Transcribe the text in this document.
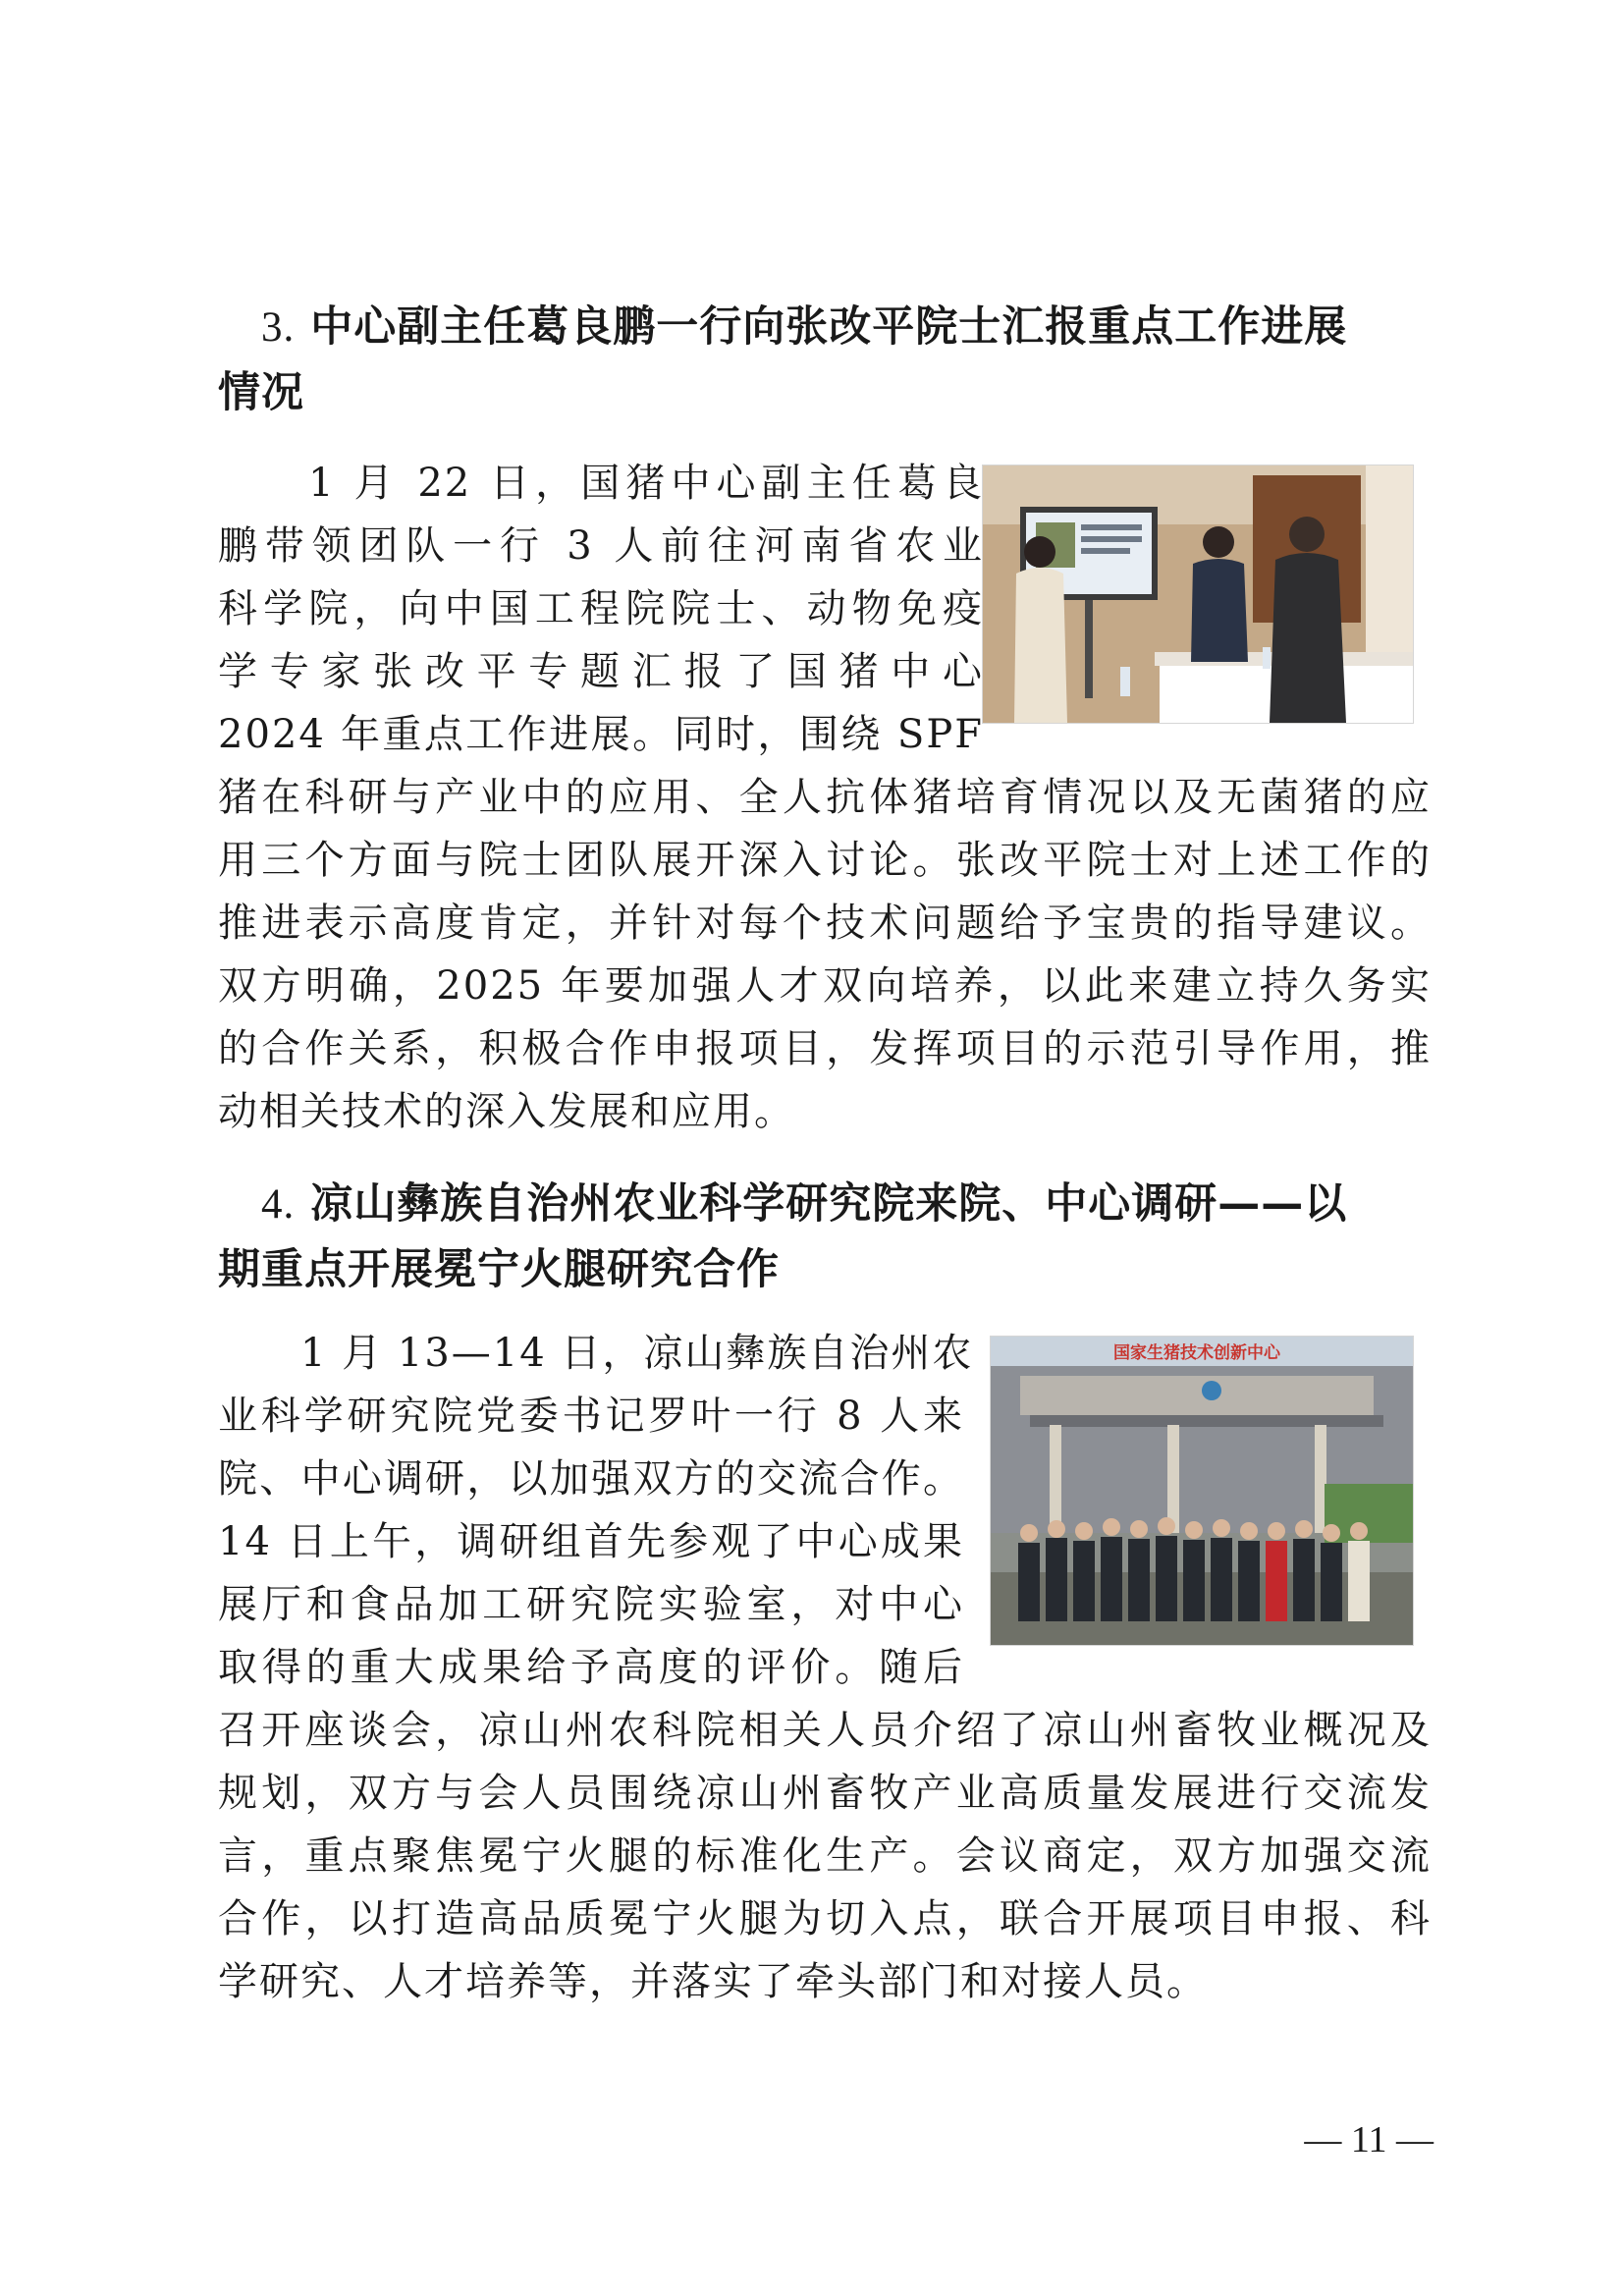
　3. 中心副主任葛良鹏一行向张改平院士汇报重点工作进展
情况
　　1 月 22 日，国猪中心副主任葛良
鹏带领团队一行 3 人前往河南省农业
科学院，向中国工程院院士、动物免疫
学专家张改平专题汇报了国猪中心
2024 年重点工作进展。同时，围绕 SPF
猪在科研与产业中的应用、全人抗体猪培育情况以及无菌猪的应
用三个方面与院士团队展开深入讨论。张改平院士对上述工作的
推进表示高度肯定，并针对每个技术问题给予宝贵的指导建议。
双方明确，2025 年要加强人才双向培养，以此来建立持久务实
的合作关系，积极合作申报项目，发挥项目的示范引导作用，推
动相关技术的深入发展和应用。
　4. 凉山彝族自治州农业科学研究院来院、中心调研——以
期重点开展冕宁火腿研究合作
国家生猪技术创新中心
　　1 月 13—14 日，凉山彝族自治州农
业科学研究院党委书记罗叶一行 8 人来
院、中心调研，以加强双方的交流合作。
14 日上午，调研组首先参观了中心成果
展厅和食品加工研究院实验室，对中心
取得的重大成果给予高度的评价。随后
召开座谈会，凉山州农科院相关人员介绍了凉山州畜牧业概况及
规划，双方与会人员围绕凉山州畜牧产业高质量发展进行交流发
言，重点聚焦冕宁火腿的标准化生产。会议商定，双方加强交流
合作，以打造高品质冕宁火腿为切入点，联合开展项目申报、科
学研究、人才培养等，并落实了牵头部门和对接人员。
— 11 —
